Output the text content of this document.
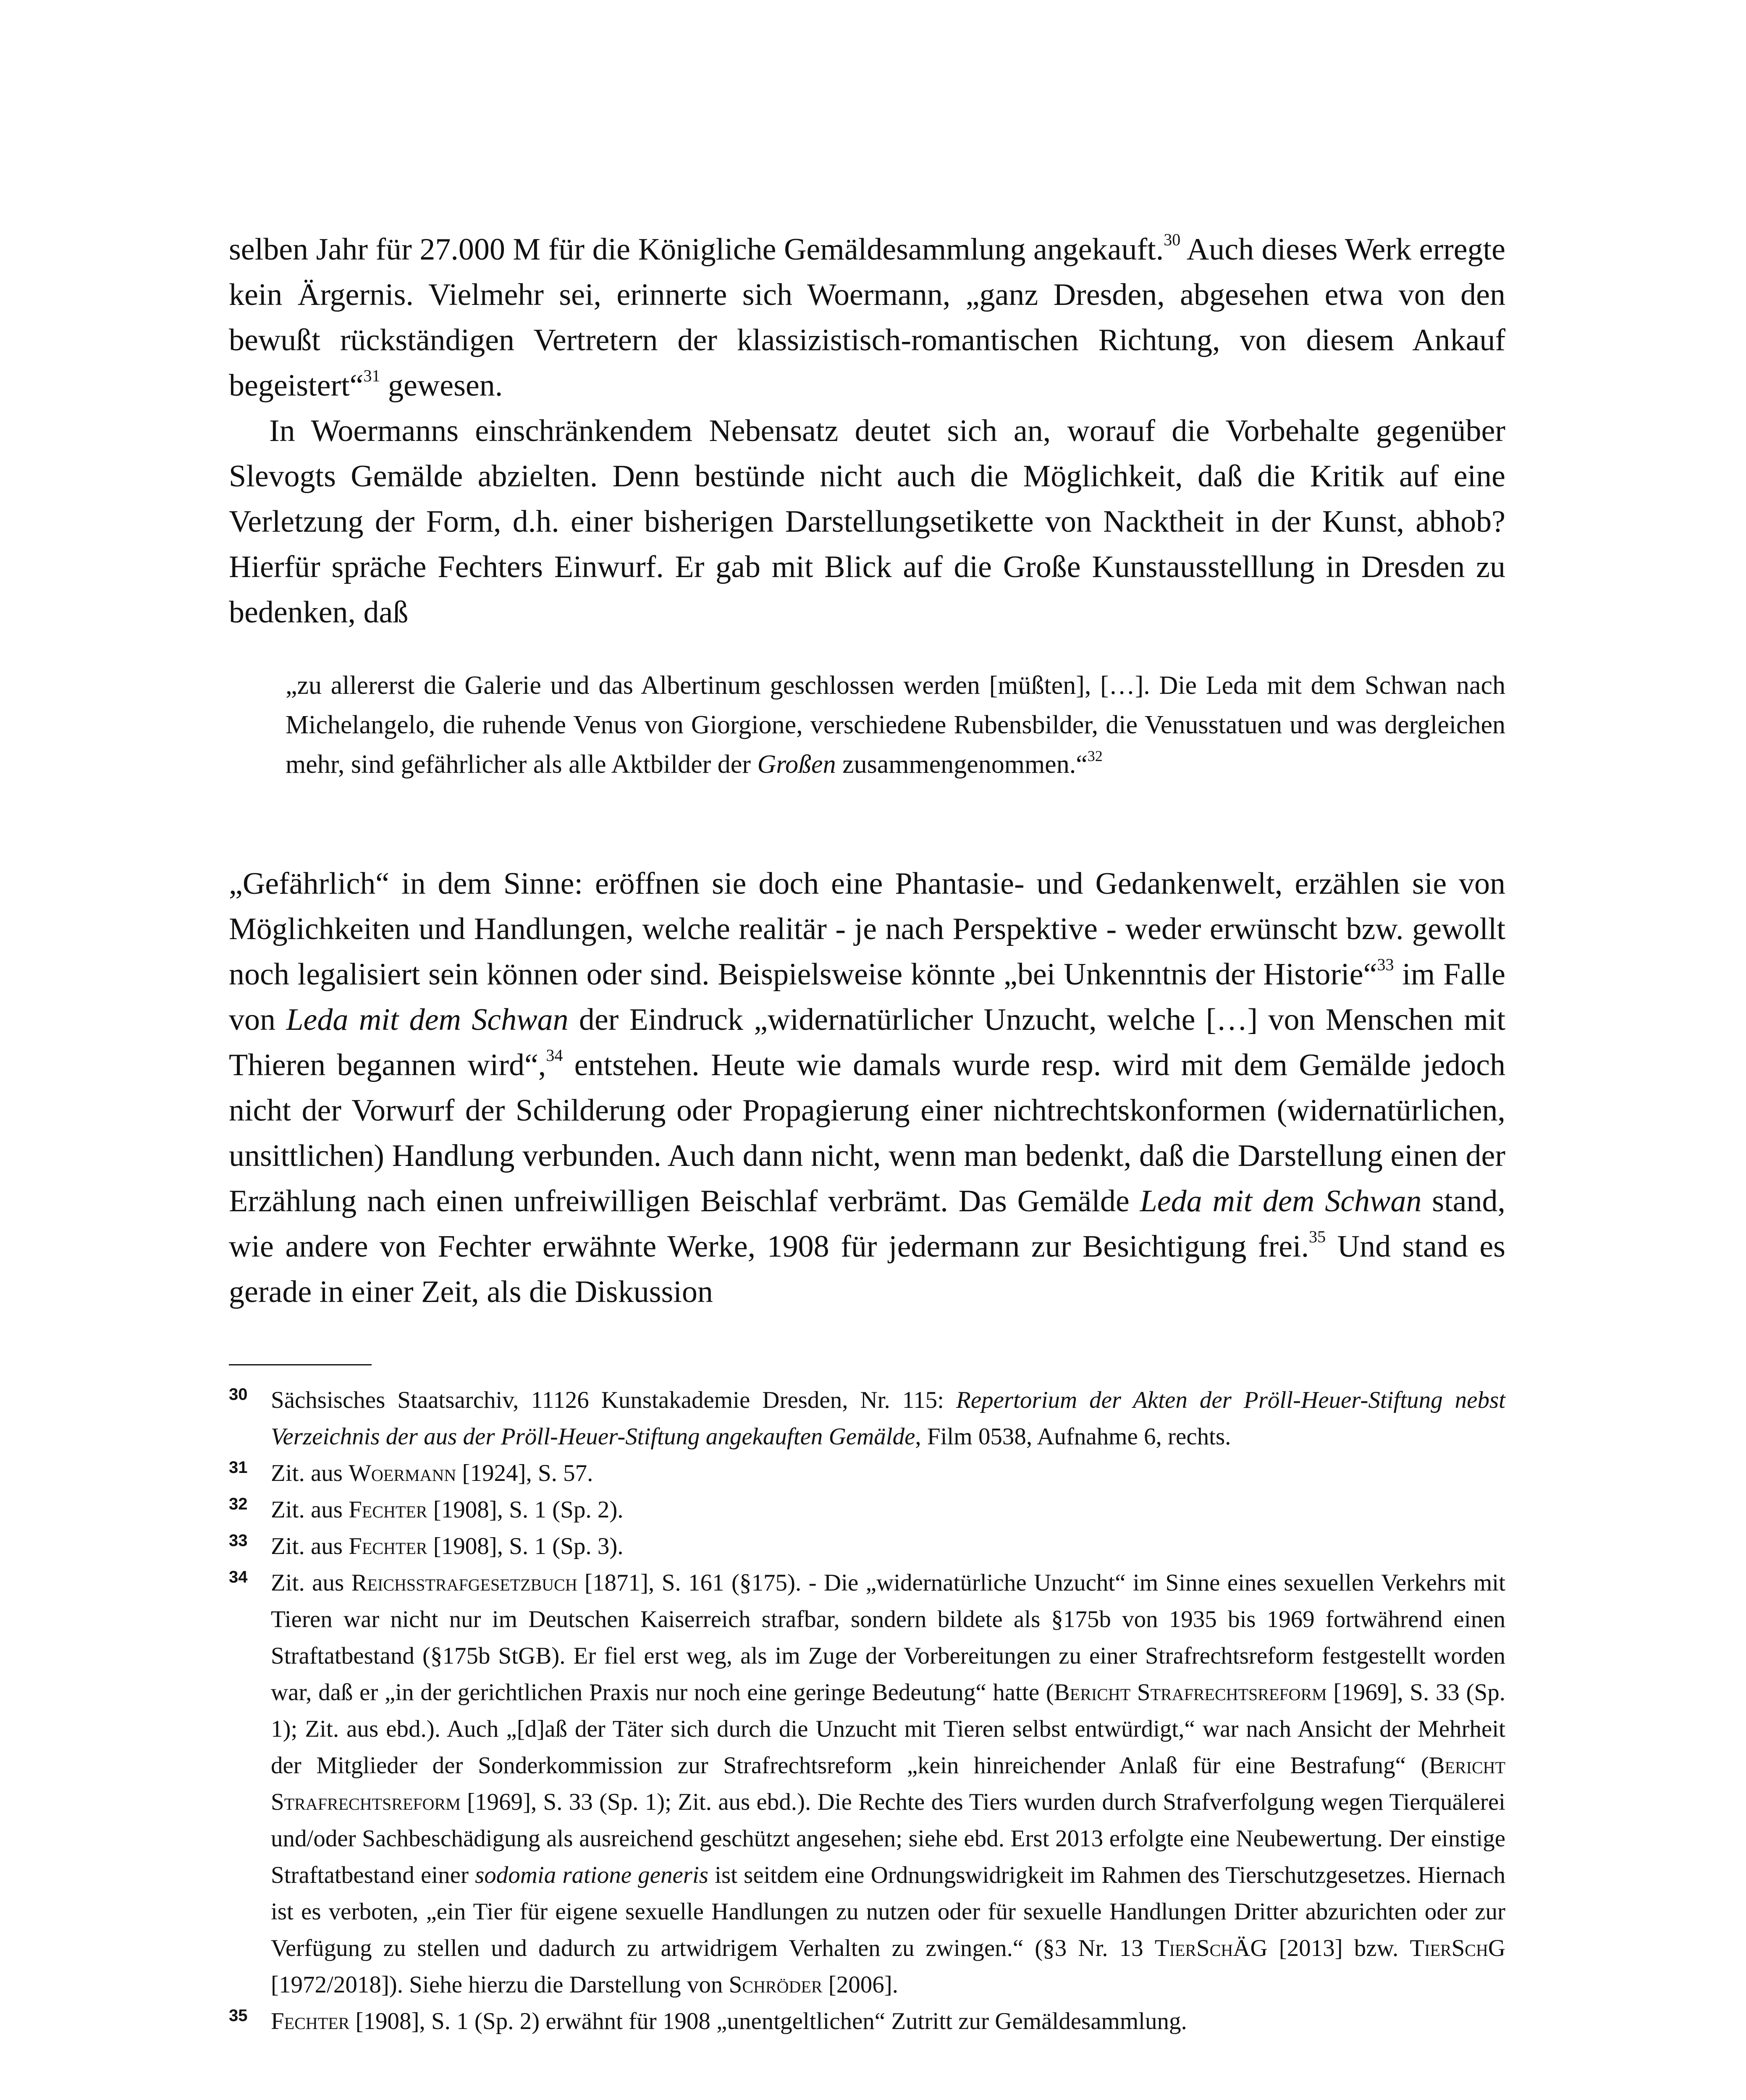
selben Jahr für 27.000 M für die Königliche Gemäldesammlung angekauft.$^{30}$ Auch dieses Werk erregte kein Ärgernis. Vielmehr sei, erinnerte sich Woermann, „ganz Dresden, abgesehen etwa von den bewußt rückständigen Vertretern der klassizistisch-romantischen Richtung, von diesem Ankauf begeistert“$^{31}$ gewesen.

In Woermanns einschränkendem Nebensatz deutet sich an, worauf die Vorbehalte gegenüber Slevogts Gemälde abzielten. Denn bestünde nicht auch die Möglichkeit, daß die Kritik auf eine Verletzung der Form, d.h. einer bisherigen Darstellungsetikette von Nacktheit in der Kunst, abhob? Hierfür spräche Fechters Einwurf. Er gab mit Blick auf die Große Kunstausstelllung in Dresden zu bedenken, daß

„zu allererst die Galerie und das Albertinum geschlossen werden [müßten], […]. Die Leda mit dem Schwan nach Michelangelo, die ruhende Venus von Giorgione, verschiedene Rubensbilder, die Venusstatuen und was dergleichen mehr, sind gefährlicher als alle Aktbilder der Großen zusammengenommen.“$^{32}$

„Gefährlich“ in dem Sinne: eröffnen sie doch eine Phantasie- und Gedankenwelt, erzählen sie von Möglichkeiten und Handlungen, welche realitär - je nach Perspektive - weder erwünscht bzw. gewollt noch legalisiert sein können oder sind. Beispielsweise könnte „bei Unkenntnis der Historie“$^{33}$ im Falle von Leda mit dem Schwan der Eindruck „widernatürlicher Unzucht, welche […] von Menschen mit Thieren begannen wird“,$^{34}$ entstehen. Heute wie damals wurde resp. wird mit dem Gemälde jedoch nicht der Vorwurf der Schilderung oder Propagierung einer nichtrechtskonformen (widernatürlichen, unsittlichen) Handlung verbunden. Auch dann nicht, wenn man bedenkt, daß die Darstellung einen der Erzählung nach einen unfreiwilligen Beischlaf verbrämt. Das Gemälde Leda mit dem Schwan stand, wie andere von Fechter erwähnte Werke, 1908 für jedermann zur Besichtigung frei.$^{35}$ Und stand es gerade in einer Zeit, als die Diskussion

30 Sächsisches Staatsarchiv, 11126 Kunstakademie Dresden, Nr. 115: Repertorium der Akten der Pröll-Heuer-Stiftung nebst Verzeichnis der aus der Pröll-Heuer-Stiftung angekauften Gemälde, Film 0538, Aufnahme 6, rechts.

31 Zit. aus Woermann [1924], S. 57.

32 Zit. aus Fechter [1908], S. 1 (Sp. 2).

33 Zit. aus Fechter [1908], S. 1 (Sp. 3).

34 Zit. aus Reichsstrafgesetzbuch [1871], S. 161 (§175). - Die „widernatürliche Unzucht“ im Sinne eines sexuellen Verkehrs mit Tieren war nicht nur im Deutschen Kaiserreich strafbar, sondern bildete als §175b von 1935 bis 1969 fortwährend einen Straftatbestand (§175b StGB). Er fiel erst weg, als im Zuge der Vorbereitungen zu einer Strafrechtsreform festgestellt worden war, daß er „in der gerichtlichen Praxis nur noch eine geringe Bedeutung“ hatte (Bericht Strafrechtsreform [1969], S. 33 (Sp. 1); Zit. aus ebd.). Auch „[d]aß der Täter sich durch die Unzucht mit Tieren selbst entwürdigt,“ war nach Ansicht der Mehrheit der Mitglieder der Sonderkommission zur Strafrechtsreform „kein hinreichender Anlaß für eine Bestrafung“ (Bericht Strafrechtsreform [1969], S. 33 (Sp. 1); Zit. aus ebd.). Die Rechte des Tiers wurden durch Strafverfolgung wegen Tierquälerei und/oder Sachbeschädigung als ausreichend geschützt angesehen; siehe ebd. Erst 2013 erfolgte eine Neubewertung. Der einstige Straftatbestand einer sodomia ratione generis ist seitdem eine Ordnungswidrigkeit im Rahmen des Tierschutzgesetzes. Hiernach ist es verboten, „ein Tier für eigene sexuelle Handlungen zu nutzen oder für sexuelle Handlungen Dritter abzurichten oder zur Verfügung zu stellen und dadurch zu artwidrigem Verhalten zu zwingen.“ (§3 Nr. 13 TierSchÄG [2013] bzw. TierSchG [1972/2018]). Siehe hierzu die Darstellung von Schröder [2006].

35 Fechter [1908], S. 1 (Sp. 2) erwähnt für 1908 „unentgeltlichen“ Zutritt zur Gemäldesammlung.
